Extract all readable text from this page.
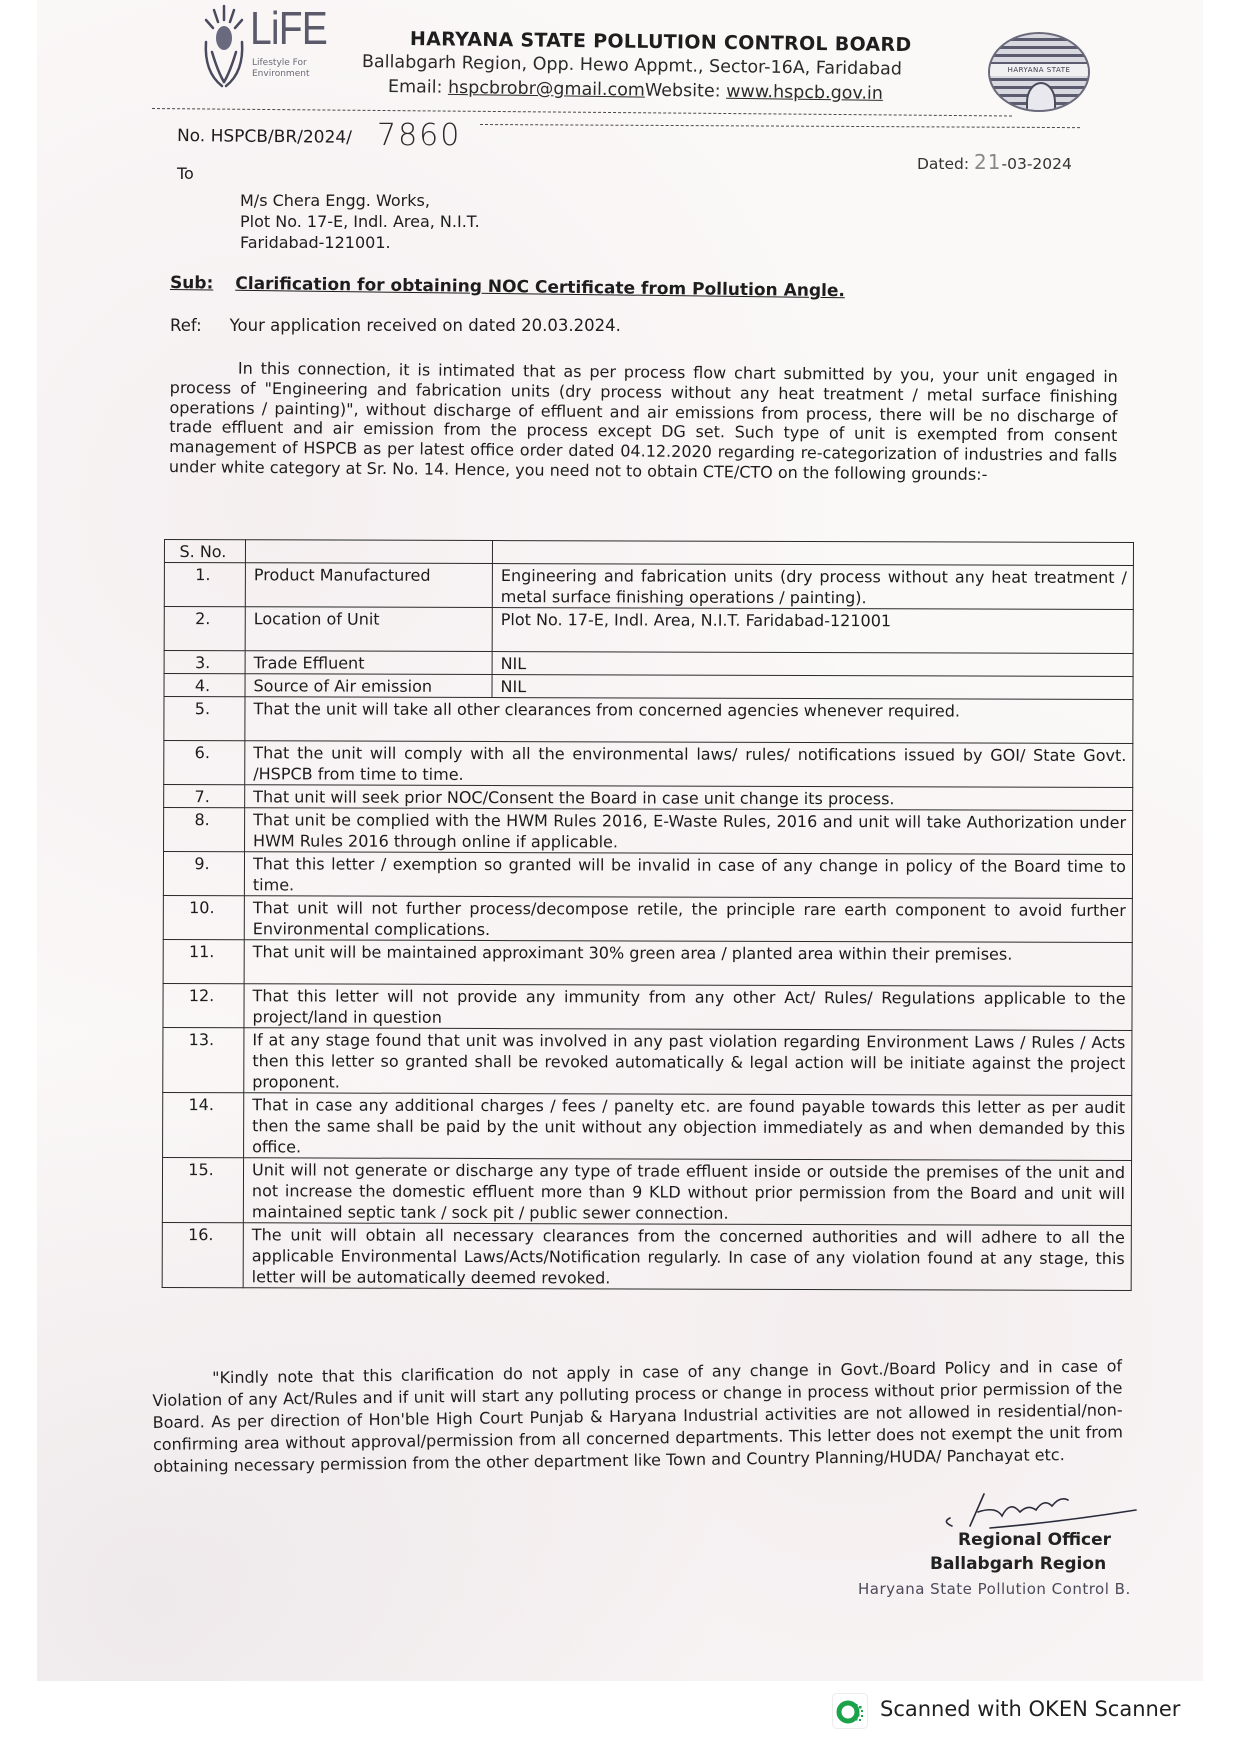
LiFE
Lifestyle For Environment
HARYANA STATE POLLUTION CONTROL BOARD
Ballabgarh Region, Opp. Hewo Appmt., Sector-16A, Faridabad
Email: hspcbrobr@gmail.comWebsite: www.hspcb.gov.in
HARYANA STATE
No. HSPCB/BR/2024/ 7860
Dated: 21-03-2024
To
M/s Chera Engg. Works,
Plot No. 17-E, Indl. Area, N.I.T.
Faridabad-121001.
Sub: Clarification for obtaining NOC Certificate from Pollution Angle.
Ref: Your application received on dated 20.03.2024.
In this connection, it is intimated that as per process flow chart submitted by you, your unit engaged in process of "Engineering and fabrication units (dry process without any heat treatment / metal surface finishing operations / painting)", without discharge of effluent and air emissions from process, there will be no discharge of trade effluent and air emission from the process except DG set. Such type of unit is exempted from consent management of HSPCB as per latest office order dated 04.12.2020 regarding re-categorization of industries and falls under white category at Sr. No. 14. Hence, you need not to obtain CTE/CTO on the following grounds:-
S. No.		
1.	Product Manufactured	Engineering and fabrication units (dry process without any heat treatment / metal surface finishing operations / painting).
2.	Location of Unit	Plot No. 17-E, Indl. Area, N.I.T. Faridabad-121001
3.	Trade Effluent	NIL
4.	Source of Air emission	NIL
5.	That the unit will take all other clearances from concerned agencies whenever required.	
6.	That the unit will comply with all the environmental laws/ rules/ notifications issued by GOI/ State Govt. /HSPCB from time to time.	
7.	That unit will seek prior NOC/Consent the Board in case unit change its process.	
8.	That unit be complied with the HWM Rules 2016, E-Waste Rules, 2016 and unit will take Authorization under HWM Rules 2016 through online if applicable.	
9.	That this letter / exemption so granted will be invalid in case of any change in policy of the Board time to time.	
10.	That unit will not further process/decompose retile, the principle rare earth component to avoid further Environmental complications.	
11.	That unit will be maintained approximant 30% green area / planted area within their premises.	
12.	That this letter will not provide any immunity from any other Act/ Rules/ Regulations applicable to the project/land in question	
13.	If at any stage found that unit was involved in any past violation regarding Environment Laws / Rules / Acts then this letter so granted shall be revoked automatically & legal action will be initiate against the project proponent.	
14.	That in case any additional charges / fees / panelty etc. are found payable towards this letter as per audit then the same shall be paid by the unit without any objection immediately as and when demanded by this office.	
15.	Unit will not generate or discharge any type of trade effluent inside or outside the premises of the unit and not increase the domestic effluent more than 9 KLD without prior permission from the Board and unit will maintained septic tank / sock pit / public sewer connection.	
16.	The unit will obtain all necessary clearances from the concerned authorities and will adhere to all the applicable Environmental Laws/Acts/Notification regularly. In case of any violation found at any stage, this letter will be automatically deemed revoked.	
"Kindly note that this clarification do not apply in case of any change in Govt./Board Policy and in case of Violation of any Act/Rules and if unit will start any polluting process or change in process without prior permission of the Board. As per direction of Hon'ble High Court Punjab & Haryana Industrial activities are not allowed in residential/non-confirming area without approval/permission from all concerned departments. This letter does not exempt the unit from obtaining necessary permission from the other department like Town and Country Planning/HUDA/ Panchayat etc.
Regional Officer
Ballabgarh Region
Haryana State Pollution Control B.
Scanned with OKEN Scanner
